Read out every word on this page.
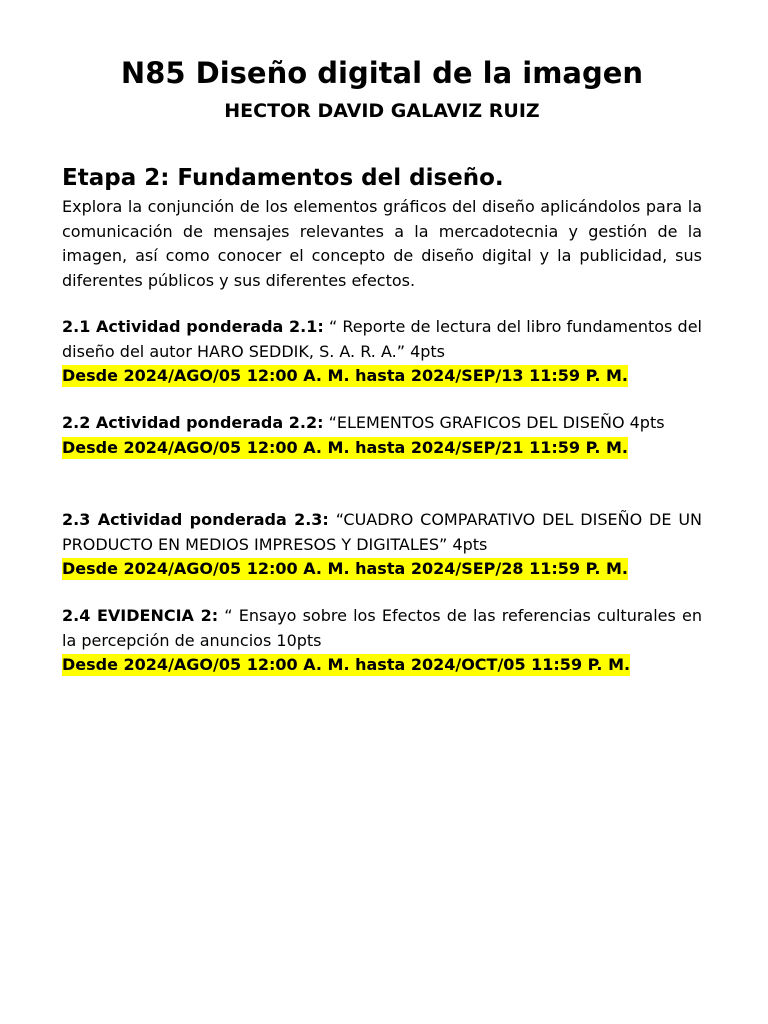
N85 Diseño digital de la imagen
HECTOR DAVID GALAVIZ RUIZ
Etapa 2: Fundamentos del diseño.
Explora la conjunción de los elementos gráficos del diseño aplicándolos para la comunicación de mensajes relevantes a la mercadotecnia y gestión de la imagen, así como conocer el concepto de diseño digital y la publicidad, sus diferentes públicos y sus diferentes efectos.
2.1 Actividad ponderada 2.1: “ Reporte de lectura del libro fundamentos del diseño del autor HARO SEDDIK, S. A. R. A.” 4pts
Desde 2024/AGO/05 12:00 A. M. hasta 2024/SEP/13 11:59 P. M.
2.2 Actividad ponderada 2.2: “ELEMENTOS GRAFICOS DEL DISEÑO 4pts
Desde 2024/AGO/05 12:00 A. M. hasta 2024/SEP/21 11:59 P. M.
2.3 Actividad ponderada 2.3: “CUADRO COMPARATIVO DEL DISEÑO DE UN PRODUCTO EN MEDIOS IMPRESOS Y DIGITALES” 4pts
Desde 2024/AGO/05 12:00 A. M. hasta 2024/SEP/28 11:59 P. M.
2.4 EVIDENCIA 2: “ Ensayo sobre los Efectos de las referencias culturales en la percepción de anuncios 10pts
Desde 2024/AGO/05 12:00 A. M. hasta 2024/OCT/05 11:59 P. M.
